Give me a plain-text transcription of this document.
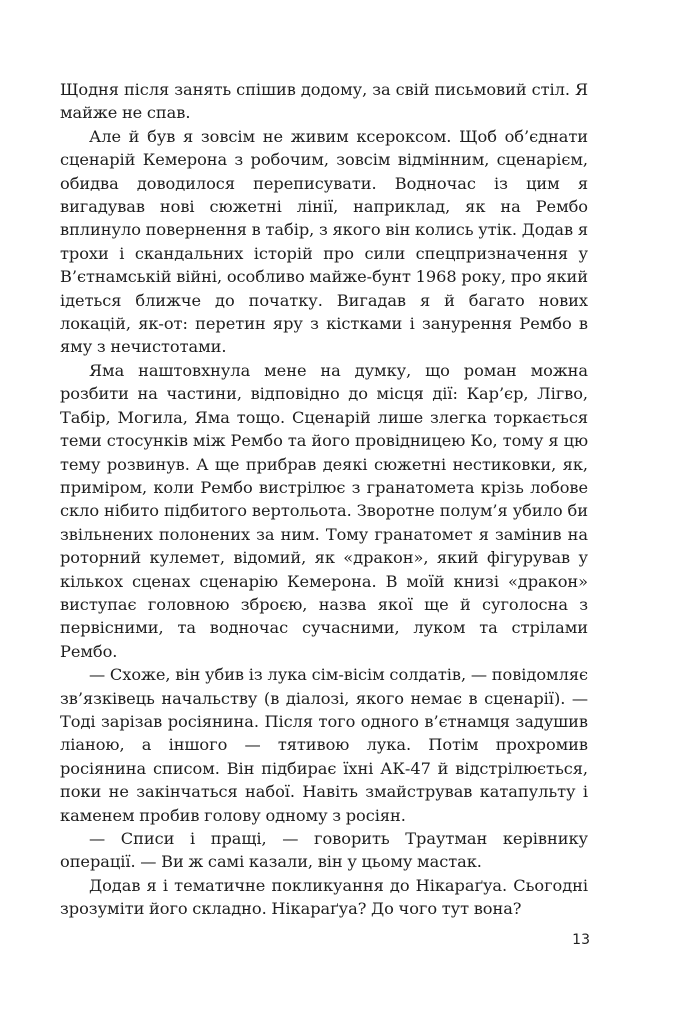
Щодня після занять спішив додому, за свій письмовий стіл. Я майже не спав.

Але й був я зовсім не живим ксероксом. Щоб об’єднати сценарій Кемерона з робочим, зовсім відмінним, сценарієм, обидва доводилося переписувати. Водночас із цим я вигадував нові сюжетні лінії, наприклад, як на Рембо вплинуло повернення в табір, з якого він колись утік. Додав я трохи і скандальних історій про сили спецпризначення у В’єтнамській війні, особливо майже-бунт 1968 року, про який ідеться ближче до початку. Вигадав я й багато нових локацій, як-от: перетин яру з кістками і занурення Рембо в яму з нечистотами.

Яма наштовхнула мене на думку, що роман можна розбити на частини, відповідно до місця дії: Кар’єр, Лігво, Табір, Могила, Яма тощо. Сценарій лише злегка торкається теми стосунків між Рембо та його провідницею Ко, тому я цю тему розвинув. А ще прибрав деякі сюжетні нестиковки, як, приміром, коли Рембо вистрілює з гранатомета крізь лобове скло нібито підбитого вертольота. Зворотне полум’я убило би звільнених полонених за ним. Тому гранатомет я замінив на роторний кулемет, відомий, як «дракон», який фігурував у кількох сценах сценарію Кемерона. В моїй книзі «дракон» виступає головною зброєю, назва якої ще й суголосна з первісними, та водночас сучасними, луком та стрілами Рембо.

— Схоже, він убив із лука сім-вісім солдатів, — повідомляє зв’язківець начальству (в діалозі, якого немає в сценарії). — Тоді зарізав росіянина. Після того одного в’єтнамця задушив ліаною, а іншого — тятивою лука. Потім прохромив росіянина списом. Він підбирає їхні АК-47 й відстрілюється, поки не закінчаться набої. Навіть змайстрував катапульту і каменем пробив голову одному з росіян.

— Списи і пращі, — говорить Траутман керівнику операції. — Ви ж самі казали, він у цьому мастак.

Додав я і тематичне покликуання до Нікараґуа. Сьогодні зрозуміти його складно. Нікараґуа? До чого тут вона?

13
